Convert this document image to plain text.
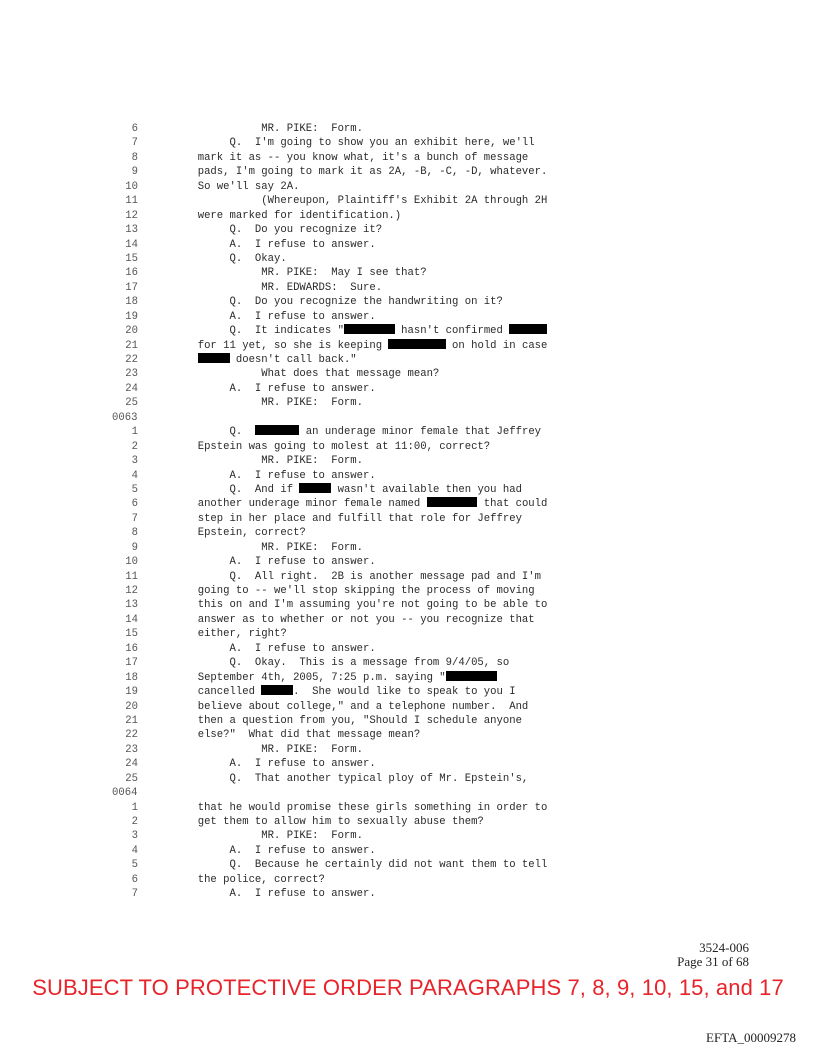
6	MR. PIKE:  Form.
7	Q.  I'm going to show you an exhibit here, we'll
8	mark it as -- you know what, it's a bunch of message
9	pads, I'm going to mark it as 2A, -B, -C, -D, whatever.
10	So we'll say 2A.
11	(Whereupon, Plaintiff's Exhibit 2A through 2H
12	were marked for identification.)
13	Q.  Do you recognize it?
14	A.  I refuse to answer.
15	Q.  Okay.
16	MR. PIKE:  May I see that?
17	MR. EDWARDS:  Sure.
18	Q.  Do you recognize the handwriting on it?
19	A.  I refuse to answer.
20	Q.  It indicates "	hasn't confirmed
21	for 11 yet, so she is keeping	on hold in case
22	doesn't call back."
23	What does that message mean?
24	A.  I refuse to answer.
25	MR. PIKE:  Form.
0063
1	Q.	an underage minor female that Jeffrey
2	Epstein was going to molest at 11:00, correct?
3	MR. PIKE:  Form.
4	A.  I refuse to answer.
5	Q.  And if	wasn't available then you had
6	another underage minor female named	that could
7	step in her place and fulfill that role for Jeffrey
8	Epstein, correct?
9	MR. PIKE:  Form.
10	A.  I refuse to answer.
11	Q.  All right.  2B is another message pad and I'm
12	going to -- we'll stop skipping the process of moving
13	this on and I'm assuming you're not going to be able to
14	answer as to whether or not you -- you recognize that
15	either, right?
16	A.  I refuse to answer.
17	Q.  Okay.  This is a message from 9/4/05, so
18	September 4th, 2005, 7:25 p.m. saying "
19	cancelled	.  She would like to speak to you I
20	believe about college," and a telephone number.  And
21	then a question from you, "Should I schedule anyone
22	else?"  What did that message mean?
23	MR. PIKE:  Form.
24	A.  I refuse to answer.
25	Q.  That another typical ploy of Mr. Epstein's,
0064
1	that he would promise these girls something in order to
2	get them to allow him to sexually abuse them?
3	MR. PIKE:  Form.
4	A.  I refuse to answer.
5	Q.  Because he certainly did not want them to tell
6	the police, correct?
7	A.  I refuse to answer.
3524-006
Page 31 of 68
SUBJECT TO PROTECTIVE ORDER PARAGRAPHS 7, 8, 9, 10, 15, and 17
EFTA_00009278
